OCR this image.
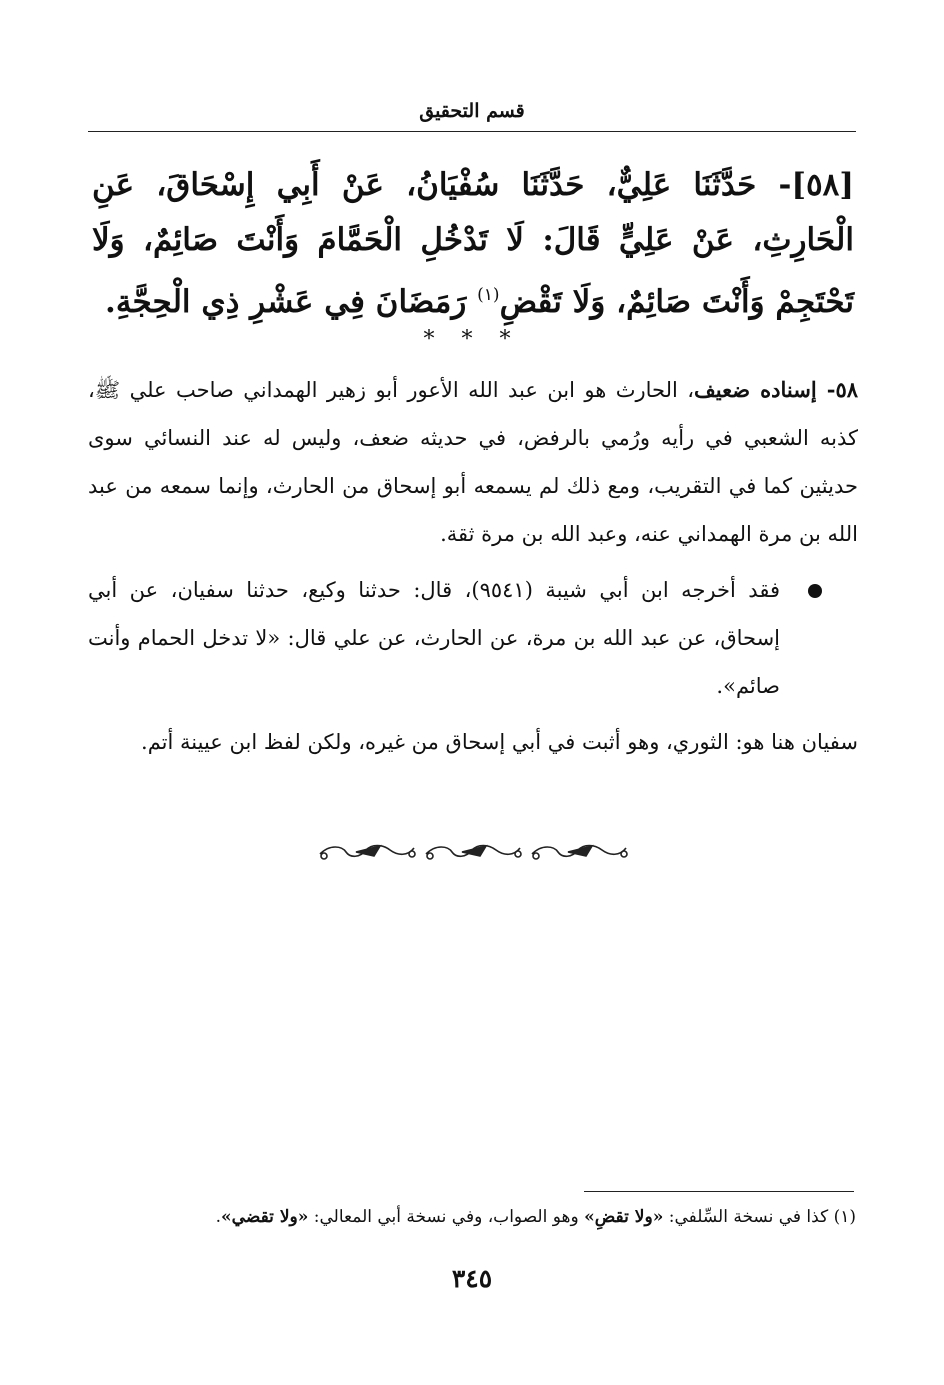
قسم التحقيق
[٥٨]- حَدَّثَنَا عَلِيٌّ، حَدَّثَنَا سُفْيَانُ، عَنْ أَبِي إِسْحَاقَ، عَنِ الْحَارِثِ، عَنْ عَلِيٍّ قَالَ: لَا تَدْخُلِ الْحَمَّامَ وَأَنْتَ صَائِمٌ، وَلَا تَحْتَجِمْ وَأَنْتَ صَائِمٌ، وَلَا تَقْضِ$^{(١)}$ رَمَضَانَ فِي عَشْرِ ذِي الْحِجَّةِ.
* * *

٥٨- إسناده ضعيف، الحارث هو ابن عبد الله الأعور أبو زهير الهمداني صاحب علي ﷺ، كذبه الشعبي في رأيه ورُمي بالرفض، في حديثه ضعف، وليس له عند النسائي سوى حديثين كما في التقريب، ومع ذلك لم يسمعه أبو إسحاق من الحارث، وإنما سمعه من عبد الله بن مرة الهمداني عنه، وعبد الله بن مرة ثقة.

فقد أخرجه ابن أبي شيبة (٩٥٤١)، قال: حدثنا وكيع، حدثنا سفيان، عن أبي إسحاق، عن عبد الله بن مرة، عن الحارث، عن علي قال: «لا تدخل الحمام وأنت صائم».

سفيان هنا هو: الثوري، وهو أثبت في أبي إسحاق من غيره، ولكن لفظ ابن عيينة أتم.

(١) كذا في نسخة السِّلفي: «ولا تقضِ» وهو الصواب، وفي نسخة أبي المعالي: «ولا تقضي».
٣٤٥
